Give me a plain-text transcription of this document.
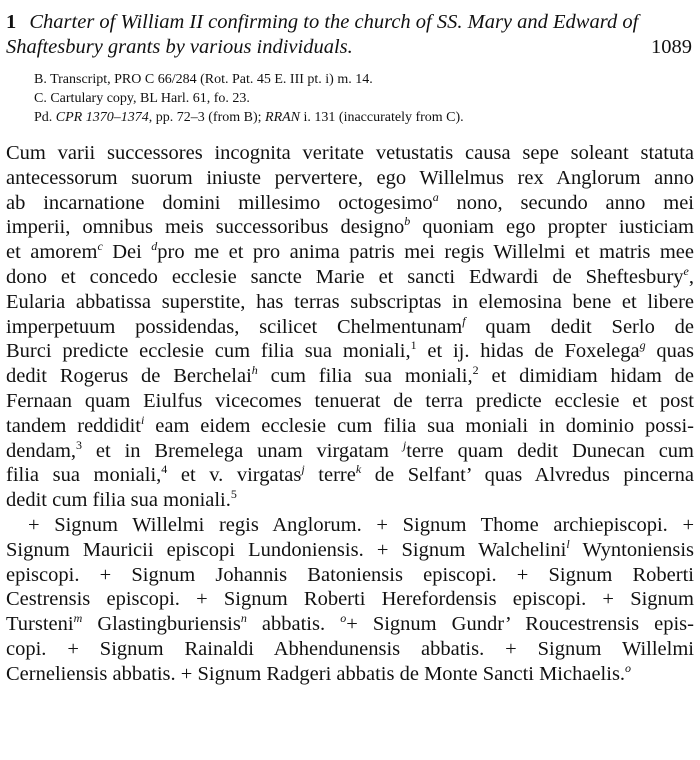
1 Charter of William II confirming to the church of SS. Mary and Edward of
Shaftesbury grants by various individuals.	1089
B. Transcript, PRO C 66/284 (Rot. Pat. 45 E. III pt. i) m. 14.
C. Cartulary copy, BL Harl. 61, fo. 23.
Pd. CPR 1370–1374, pp. 72–3 (from B); RRAN i. 131 (inaccurately from C).

Cum varii successores incognita veritate vetustatis causa sepe soleant statuta
antecessorum suorum iniuste pervertere, ego Willelmus rex Anglorum anno
ab incarnatione domini millesimo octogesimo$^a$ nono, secundo anno mei
imperii, omnibus meis successoribus designo$^b$ quoniam ego propter iusticiam
et amorem$^c$ Dei $^d$pro me et pro anima patris mei regis Willelmi et matris mee
dono et concedo ecclesie sancte Marie et sancti Edwardi de Sheftesbury$^e$,
Eularia abbatissa superstite, has terras subscriptas in elemosina bene et libere
imperpetuum possidendas, scilicet Chelmentunam$^f$ quam dedit Serlo de
Burci predicte ecclesie cum filia sua moniali,$^1$ et ij. hidas de Foxelega$^g$ quas
dedit Rogerus de Berchelai$^h$ cum filia sua moniali,$^2$ et dimidiam hidam de
Fernaan quam Eiulfus vicecomes tenuerat de terra predicte ecclesie et post
tandem reddidit$^i$ eam eidem ecclesie cum filia sua moniali in dominio possi-
dendam,$^3$ et in Bremelega unam virgatam $^j$terre quam dedit Dunecan cum
filia sua moniali,$^4$ et v. virgatas$^j$ terre$^k$ de Selfant’ quas Alvredus pincerna
dedit cum filia sua moniali.$^5$

+ Signum Willelmi regis Anglorum. + Signum Thome archiepiscopi. +
Signum Mauricii episcopi Lundoniensis. + Signum Walchelini$^l$ Wyntoniensis
episcopi. + Signum Johannis Batoniensis episcopi. + Signum Roberti
Cestrensis episcopi. + Signum Roberti Herefordensis episcopi. + Signum
Tursteni$^m$ Glastingburiensis$^n$ abbatis. $^o$+ Signum Gundr’ Roucestrensis epis-
copi. + Signum Rainaldi Abhendunensis abbatis. + Signum Willelmi
Cerneliensis abbatis. + Signum Radgeri abbatis de Monte Sancti Michaelis.$^o$
